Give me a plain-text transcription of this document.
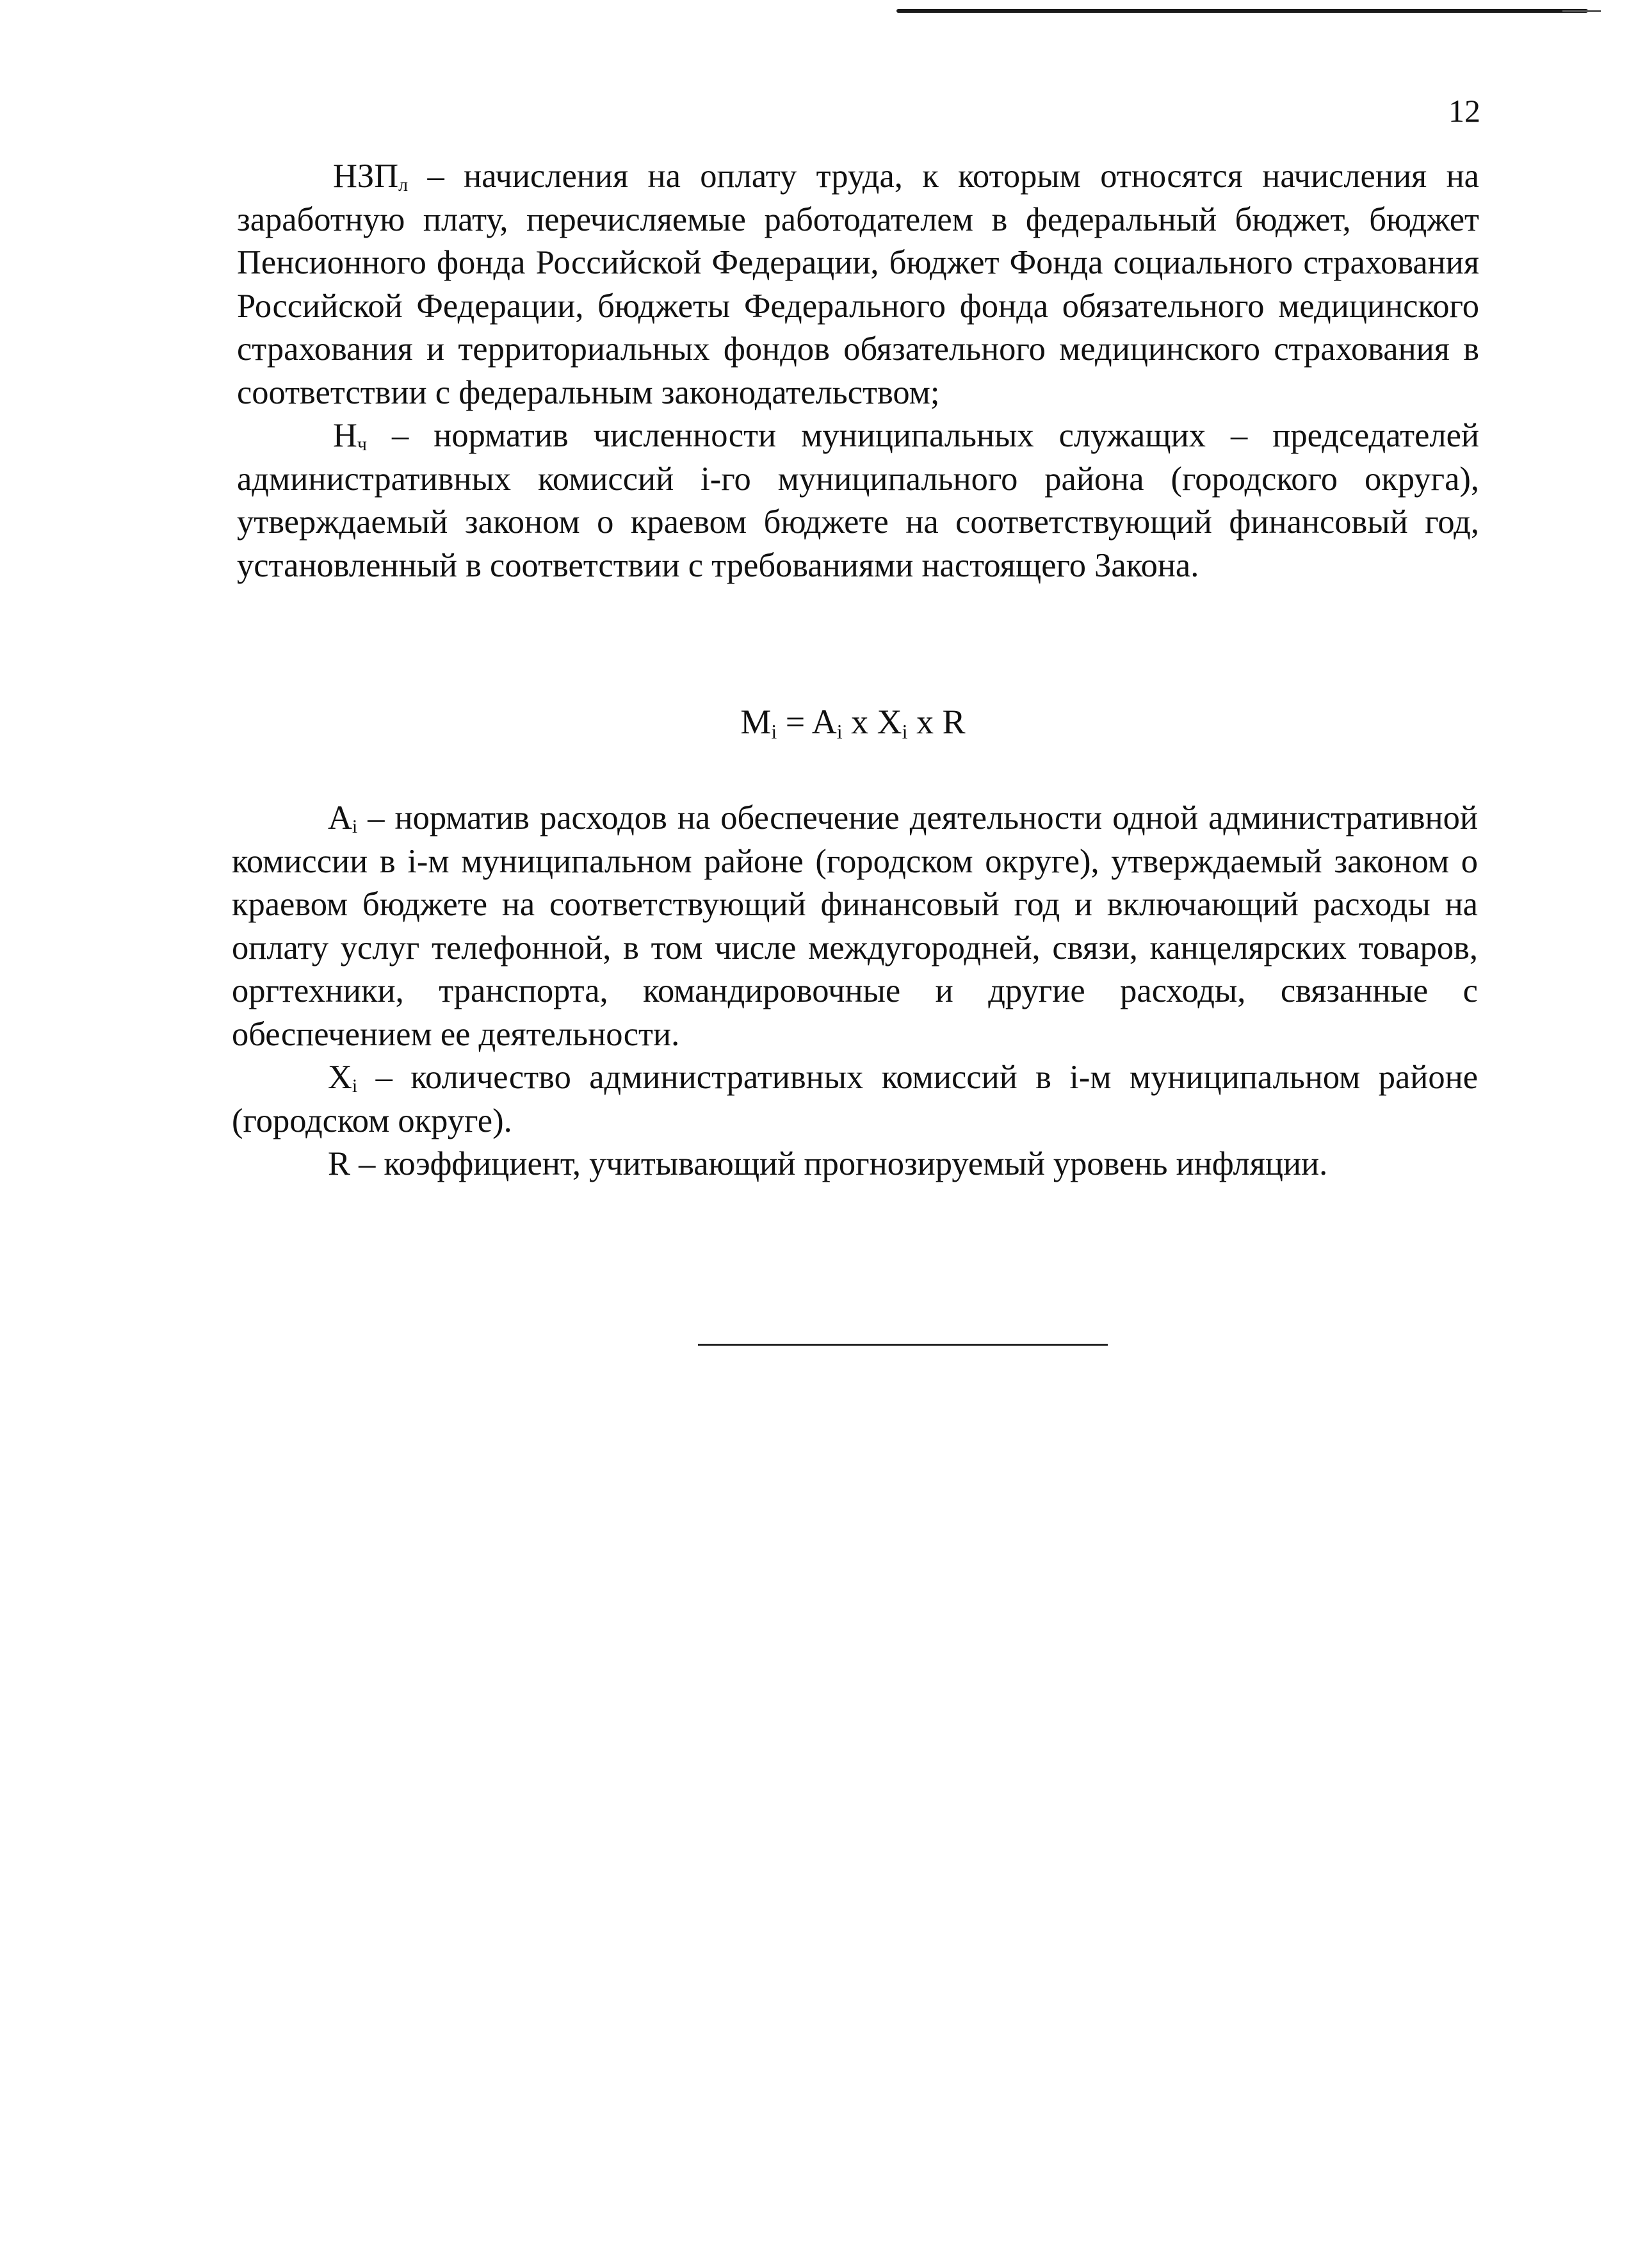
12

$НЗП_л$ – начисления на оплату труда, к которым относятся начисления на заработную плату, перечисляемые работодателем в федеральный бюджет, бюджет Пенсионного фонда Российской Федерации, бюджет Фонда социального страхования Российской Федерации, бюджеты Федерального фонда обязательного медицинского страхования и территориальных фондов обязательного медицинского страхования в соответствии с федеральным законодательством;

$Н_ч$ – норматив численности муниципальных служащих – председателей административных комиссий i-го муниципального района (городского округа), утверждаемый законом о краевом бюджете на соответствующий финансовый год, установленный в соответствии с требованиями настоящего Закона.

$M_i = A_i$ x $X_i$ x R

$A_i$ – норматив расходов на обеспечение деятельности одной административной комиссии в i-м муниципальном районе (городском округе), утверждаемый законом о краевом бюджете на соответствующий финансовый год и включающий расходы на оплату услуг телефонной, в том числе междугородней, связи, канцелярских товаров, оргтехники, транспорта, командировочные и другие расходы, связанные с обеспечением ее деятельности.

$X_i$ – количество административных комиссий в i-м муниципальном районе (городском округе).

R – коэффициент, учитывающий прогнозируемый уровень инфляции.
